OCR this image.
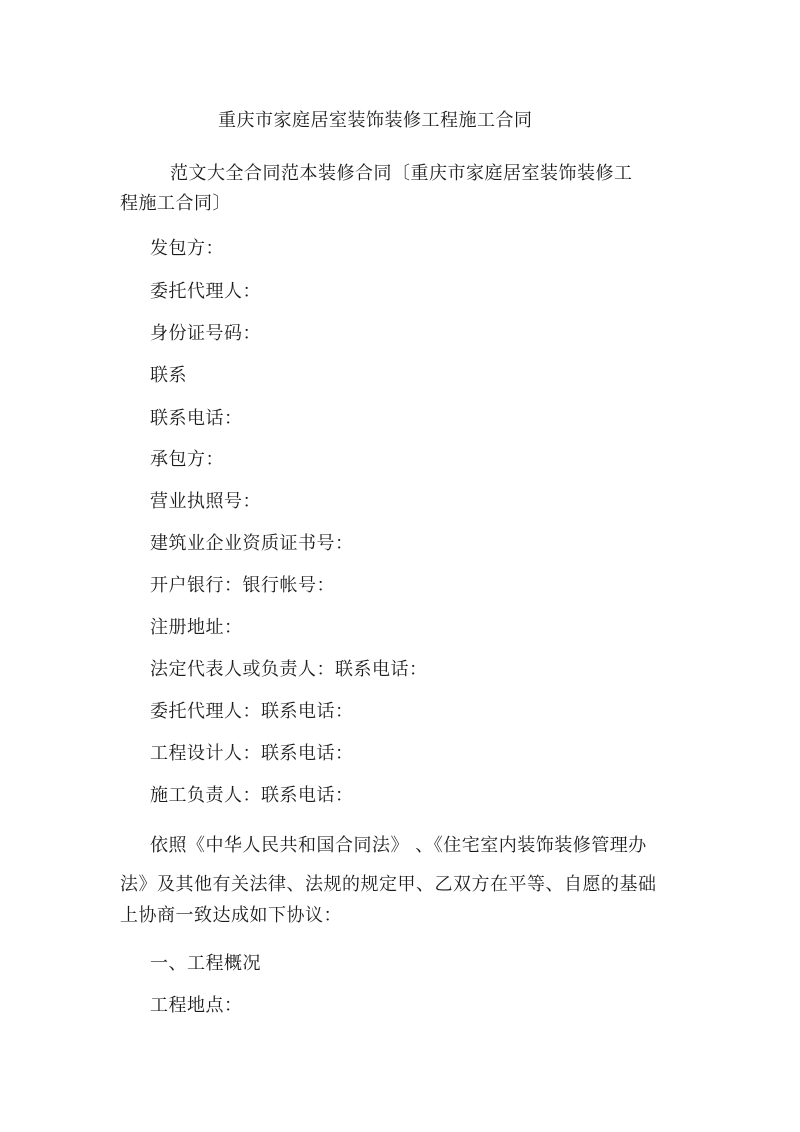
重庆市家庭居室装饰装修工程施工合同
范文大全合同范本装修合同〔重庆市家庭居室装饰装修工
程施工合同〕
发包方：
委托代理人：
身份证号码：
联系
联系电话：
承包方：
营业执照号：
建筑业企业资质证书号：
开户银行：银行帐号：
注册地址：
法定代表人或负责人：联系电话：
委托代理人：联系电话：
工程设计人：联系电话：
施工负责人：联系电话：
依照《中华人民共和国合同法》 、《住宅室内装饰装修管理办
法》及其他有关法律、法规的规定甲、乙双方在平等、自愿的基础
上协商一致达成如下协议：
一、工程概况
工程地点：
